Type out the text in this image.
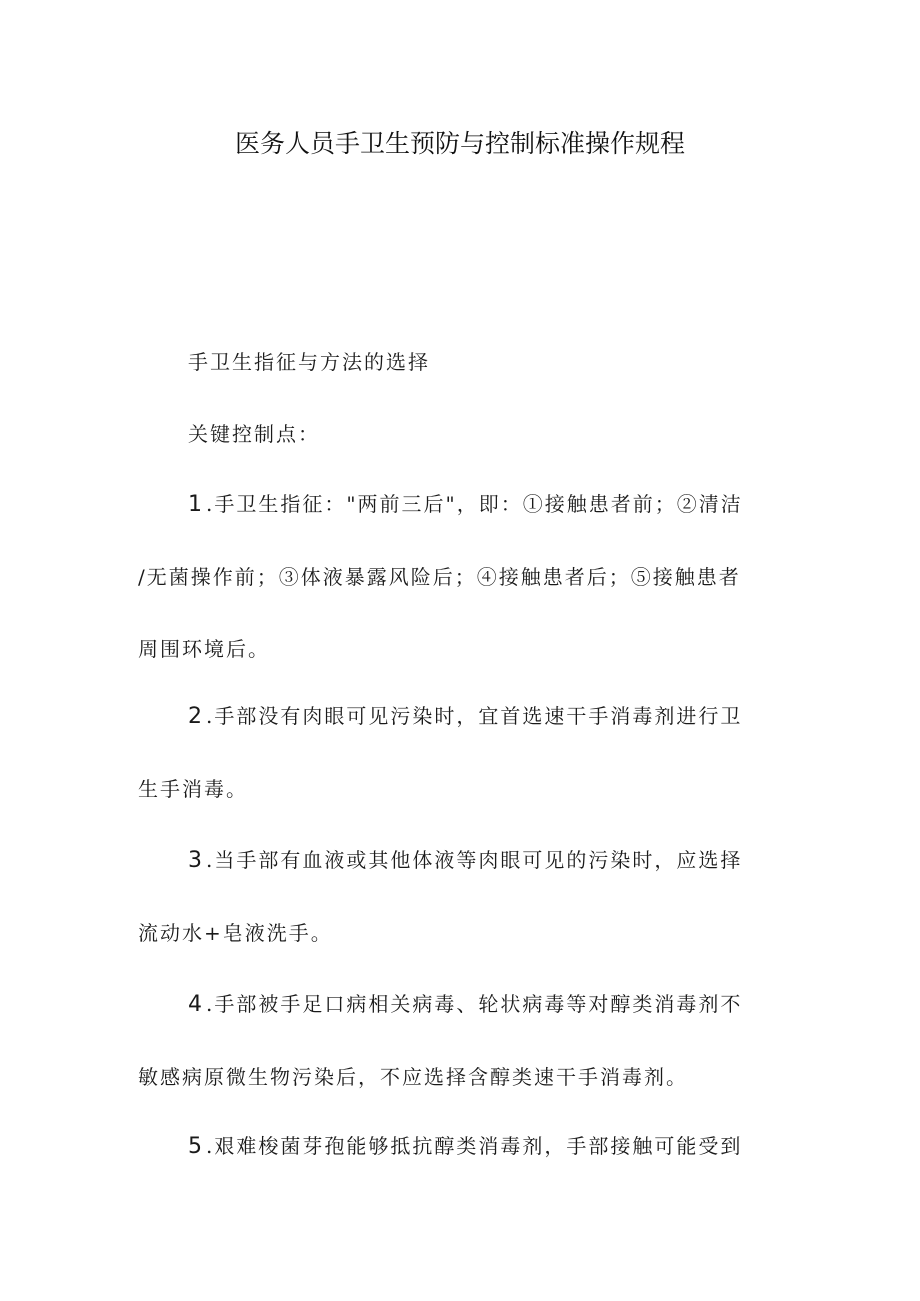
医务人员手卫生预防与控制标准操作规程
手卫生指征与方法的选择
关键控制点：
1.手卫生指征："两前三后"，即：①接触患者前；②清洁
/无菌操作前；③体液暴露风险后；④接触患者后；⑤接触患者
周围环境后。
2.手部没有肉眼可见污染时，宜首选速干手消毒剂进行卫
生手消毒。
3.当手部有血液或其他体液等肉眼可见的污染时，应选择
流动水+皂液洗手。
4.手部被手足口病相关病毒、轮状病毒等对醇类消毒剂不
敏感病原微生物污染后，不应选择含醇类速干手消毒剂。
5.艰难梭菌芽孢能够抵抗醇类消毒剂，手部接触可能受到
